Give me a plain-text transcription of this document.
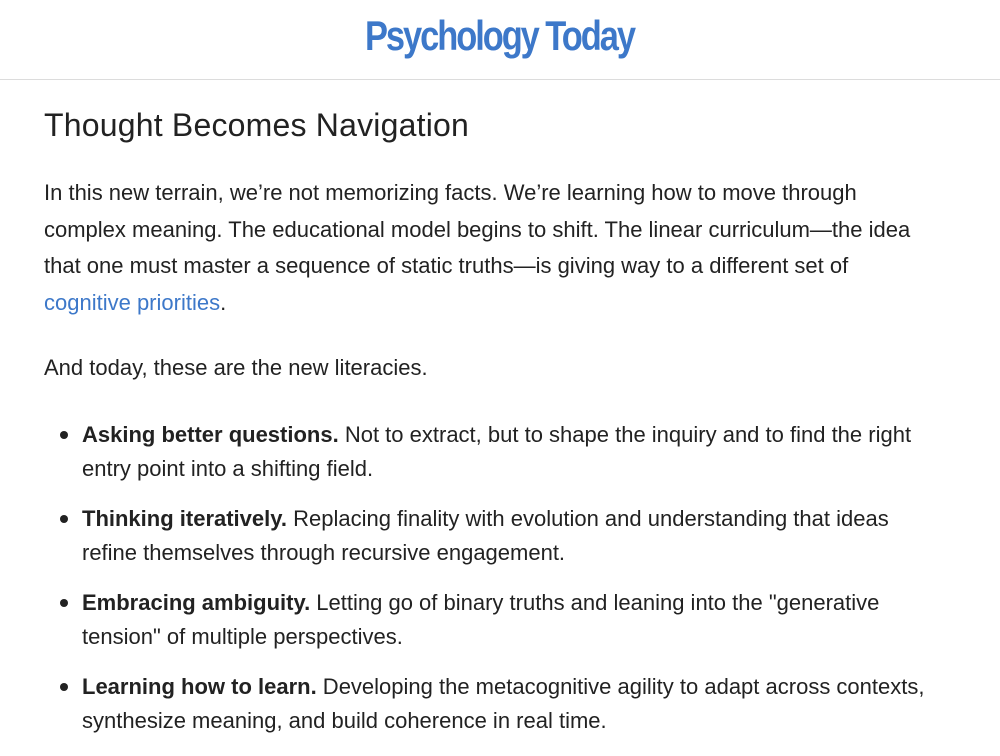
Psychology Today
Thought Becomes Navigation

In this new terrain, we’re not memorizing facts. We’re learning how to move through complex meaning. The educational model begins to shift. The linear curriculum—the idea that one must master a sequence of static truths—is giving way to a different set of cognitive priorities.

And today, these are the new literacies.

Asking better questions. Not to extract, but to shape the inquiry and to find the right entry point into a shifting field.
Thinking iteratively. Replacing finality with evolution and understanding that ideas refine themselves through recursive engagement.
Embracing ambiguity. Letting go of binary truths and leaning into the "generative tension" of multiple perspectives.
Learning how to learn. Developing the metacognitive agility to adapt across contexts, synthesize meaning, and build coherence in real time.
